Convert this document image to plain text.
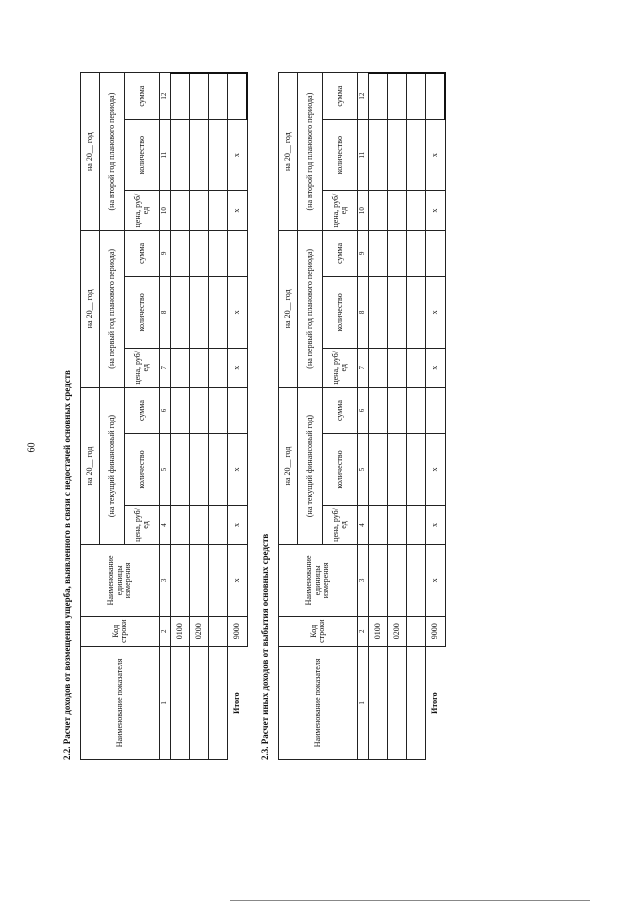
60	2.2. Расчет доходов от возмещения ущерба, выявленного в связи с недостачей основных средств	Наименование показателя	Код строки	Наименование единицы измерения	на 20__ год			на 20__ год			на 20__ год		
			(на текущий финансовый год)			(на первый год планового периода)			(на второй год планового периода)		
			цена, руб/ед	количество	сумма	цена, руб/ед	количество	сумма	цена, руб/ед	количество	сумма
1	2	3	4	5	6	7	8	9	10	11	12
	0100										
	0200										

Итого	9000	x	x	x		x	x		x	x	
2.3. Расчет иных доходов от выбытия основных средств	Наименование показателя	Код строки	Наименование единицы измерения	на 20__ год			на 20__ год			на 20__ год		
			(на текущий финансовый год)			(на первый год планового периода)			(на второй год планового периода)		
			цена, руб/ед	количество	сумма	цена, руб/ед	количество	сумма	цена, руб/ед	количество	сумма
1	2	3	4	5	6	7	8	9	10	11	12
	0100										
	0200										

Итого	9000	x	x	x		x	x		x	x	
